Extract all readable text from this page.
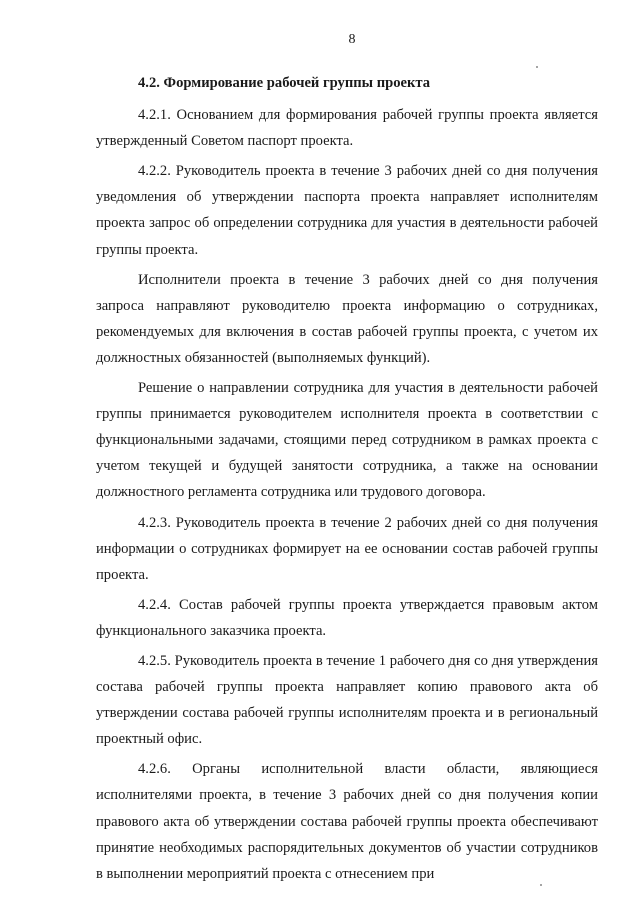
8

4.2. Формирование рабочей группы проекта

4.2.1. Основанием для формирования рабочей группы проекта является утвержденный Советом паспорт проекта.

4.2.2. Руководитель проекта в течение 3 рабочих дней со дня получения уведомления об утверждении паспорта проекта направляет исполнителям проекта запрос об определении сотрудника для участия в деятельности рабочей группы проекта.

Исполнители проекта в течение 3 рабочих дней со дня получения запроса направляют руководителю проекта информацию о сотрудниках, рекомендуемых для включения в состав рабочей группы проекта, с учетом их должностных обязанностей (выполняемых функций).

Решение о направлении сотрудника для участия в деятельности рабочей группы принимается руководителем исполнителя проекта в соответствии с функциональными задачами, стоящими перед сотрудником в рамках проекта с учетом текущей и будущей занятости сотрудника, а также на основании должностного регламента сотрудника или трудового договора.

4.2.3. Руководитель проекта в течение 2 рабочих дней со дня получения информации о сотрудниках формирует на ее основании состав рабочей группы проекта.

4.2.4. Состав рабочей группы проекта утверждается правовым актом функционального заказчика проекта.

4.2.5. Руководитель проекта в течение 1 рабочего дня со дня утверждения состава рабочей группы проекта направляет копию правового акта об утверждении состава рабочей группы исполнителям проекта и в региональный проектный офис.

4.2.6. Органы исполнительной власти области, являющиеся исполнителями проекта, в течение 3 рабочих дней со дня получения копии правового акта об утверждении состава рабочей группы проекта обеспечивают принятие необходимых распорядительных документов об участии сотрудников в выполнении мероприятий проекта с отнесением при
